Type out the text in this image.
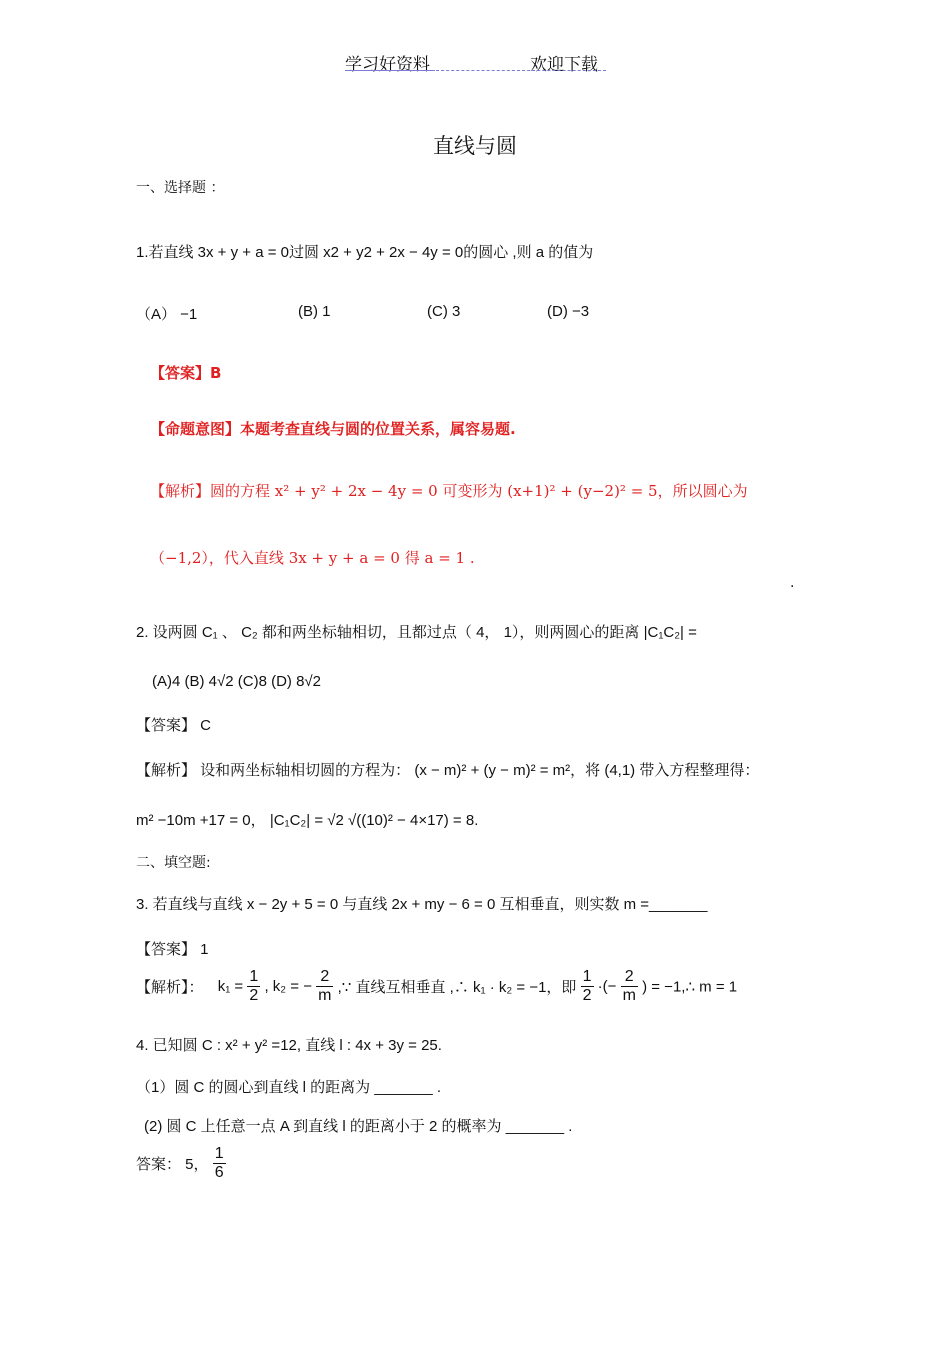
学习好资料	欢迎下载
直线与圆
一、选择题 ：
1.若直线 3x + y + a = 0过圆 x2 + y2 + 2x − 4y = 0的圆心 ,则 a 的值为
（A） −1	(B) 1	(C) 3	(D) −3
【答案】B
【命题意图】本题考查直线与圆的位置关系，属容易题.
【解析】圆的方程 x² + y² + 2x − 4y = 0 可变形为 (x+1)² + (y−2)² = 5，所以圆心为
（−1,2），代入直线 3x + y + a = 0 得 a = 1 .
.
2. 设两圆 C₁ 、 C₂ 都和两坐标轴相切，且都过点（ 4， 1），则两圆心的距离 |C₁C₂| =
(A)4 (B) 4√2 (C)8 (D) 8√2
【答案】 C
【解析】 设和两坐标轴相切圆的方程为： (x − m)² + (y − m)² = m²，将 (4,1) 带入方程整理得：
m² −10m +17 = 0， |C₁C₂| = √2 √((10)² − 4×17) = 8.
二、填空题:
3. 若直线与直线 x − 2y + 5 = 0 与直线 2x + my − 6 = 0 互相垂直，则实数 m =_______
【答案】 1
【解析】： $k_1 = \frac{1}{2}$ , k₂ = − $\frac{2}{m}$ ,∵ 直线互相垂直 ,∴ k₁ · k₂ = −1，即 $\frac{1}{2}$ ·(− $\frac{2}{m}$ ) = −1,∴ m = 1
4. 已知圆 C : x² + y² =12, 直线 l : 4x + 3y = 25.
（1）圆 C 的圆心到直线 l 的距离为 _______ .
(2) 圆 C 上任意一点 A 到直线 l 的距离小于 2 的概率为 _______ .
答案： 5， $\frac{1}{6}$
